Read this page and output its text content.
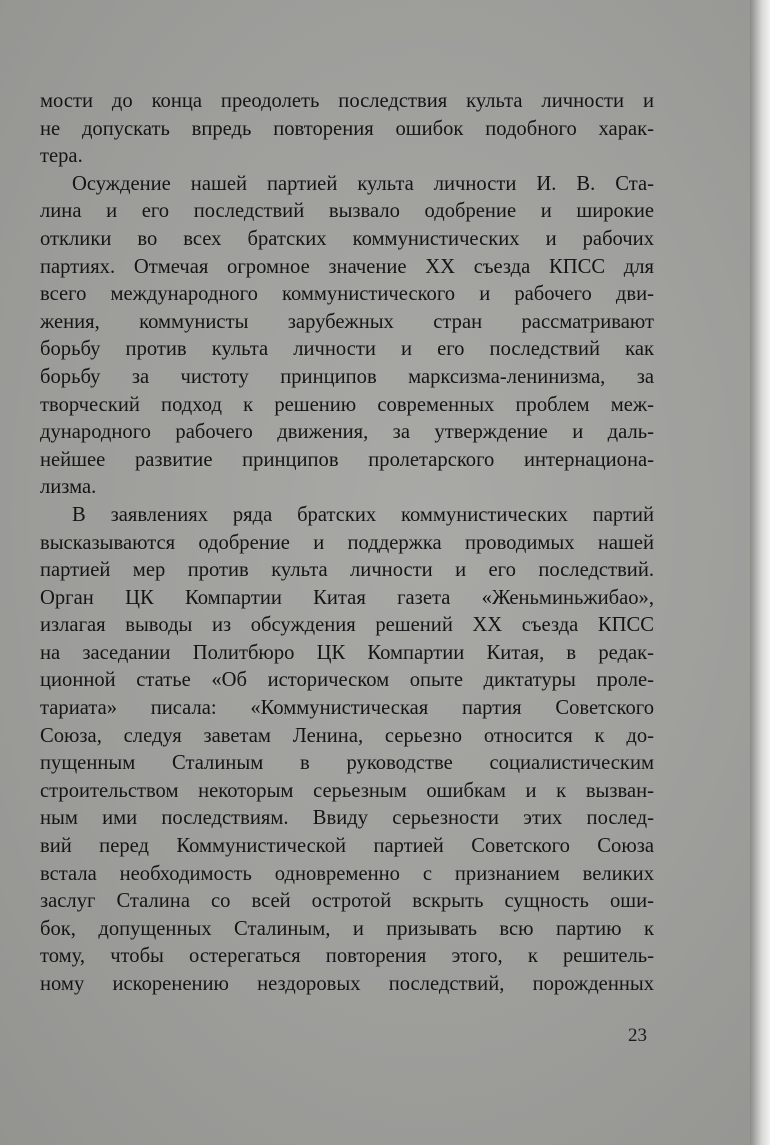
мости до конца преодолеть последствия культа личности и
не допускать впредь повторения ошибок подобного харак-
тера.
Осуждение нашей партией культа личности И. В. Ста-
лина и его последствий вызвало одобрение и широкие
отклики во всех братских коммунистических и рабочих
партиях. Отмечая огромное значение XX съезда КПСС для
всего международного коммунистического и рабочего дви-
жения, коммунисты зарубежных стран рассматривают
борьбу против культа личности и его последствий как
борьбу за чистоту принципов марксизма-ленинизма, за
творческий подход к решению современных проблем меж-
дународного рабочего движения, за утверждение и даль-
нейшее развитие принципов пролетарского интернациона-
лизма.
В заявлениях ряда братских коммунистических партий
высказываются одобрение и поддержка проводимых нашей
партией мер против культа личности и его последствий.
Орган ЦК Компартии Китая газета «Женьминьжибао»,
излагая выводы из обсуждения решений XX съезда КПСС
на заседании Политбюро ЦК Компартии Китая, в редак-
ционной статье «Об историческом опыте диктатуры проле-
тариата» писала: «Коммунистическая партия Советского
Союза, следуя заветам Ленина, серьезно относится к до-
пущенным Сталиным в руководстве социалистическим
строительством некоторым серьезным ошибкам и к вызван-
ным ими последствиям. Ввиду серьезности этих послед-
вий перед Коммунистической партией Советского Союза
встала необходимость одновременно с признанием великих
заслуг Сталина со всей остротой вскрыть сущность оши-
бок, допущенных Сталиным, и призывать всю партию к
тому, чтобы остерегаться повторения этого, к решитель-
ному искоренению нездоровых последствий, порожденных
23
